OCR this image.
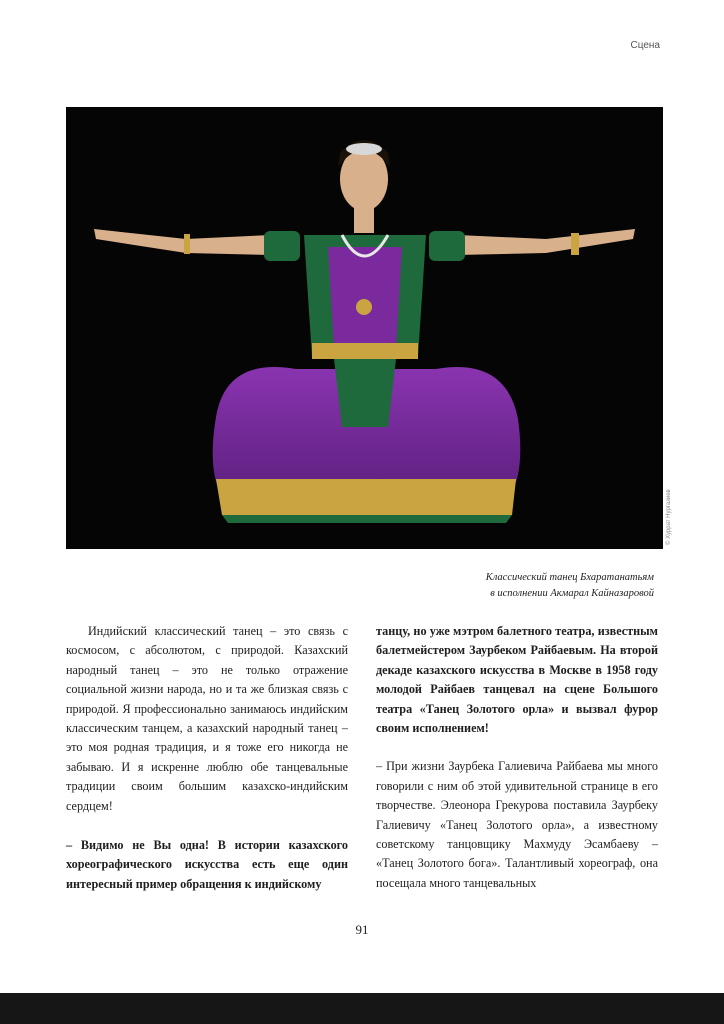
Сцена
© Хуррат Нургазиев
Классический танец Бхаратанатьям
в исполнении Акмарал Кайназаровой

Индийский классический танец – это связь с космосом, с абсолютом, с природой. Казахский народный танец – это не только отражение социальной жизни народа, но и та же близкая связь с природой. Я профессионально занимаюсь индийским классическим танцем, а казахский народный танец – это моя родная традиция, и я тоже его никогда не забываю. И я искренне люблю обе танцевальные традиции своим большим казахско-индийским сердцем!

– Видимо не Вы одна! В истории казахского хореографического искусства есть еще один интересный пример обращения к индийскому

танцу, но уже мэтром балетного театра, известным балетмейстером Заурбеком Райбаевым. На второй декаде казахского искусства в Москве в 1958 году молодой Райбаев танцевал на сцене Большого театра «Танец Золотого орла» и вызвал фурор своим исполнением!

– При жизни Заурбека Галиевича Райбаева мы много говорили с ним об этой удивительной странице в его творчестве. Элеонора Грекурова поставила Заурбеку Галиевичу «Танец Золотого орла», а известному советскому танцовщику Махмуду Эсамбаеву – «Танец Золотого бога». Талантливый хореограф, она посещала много танцевальных

91
